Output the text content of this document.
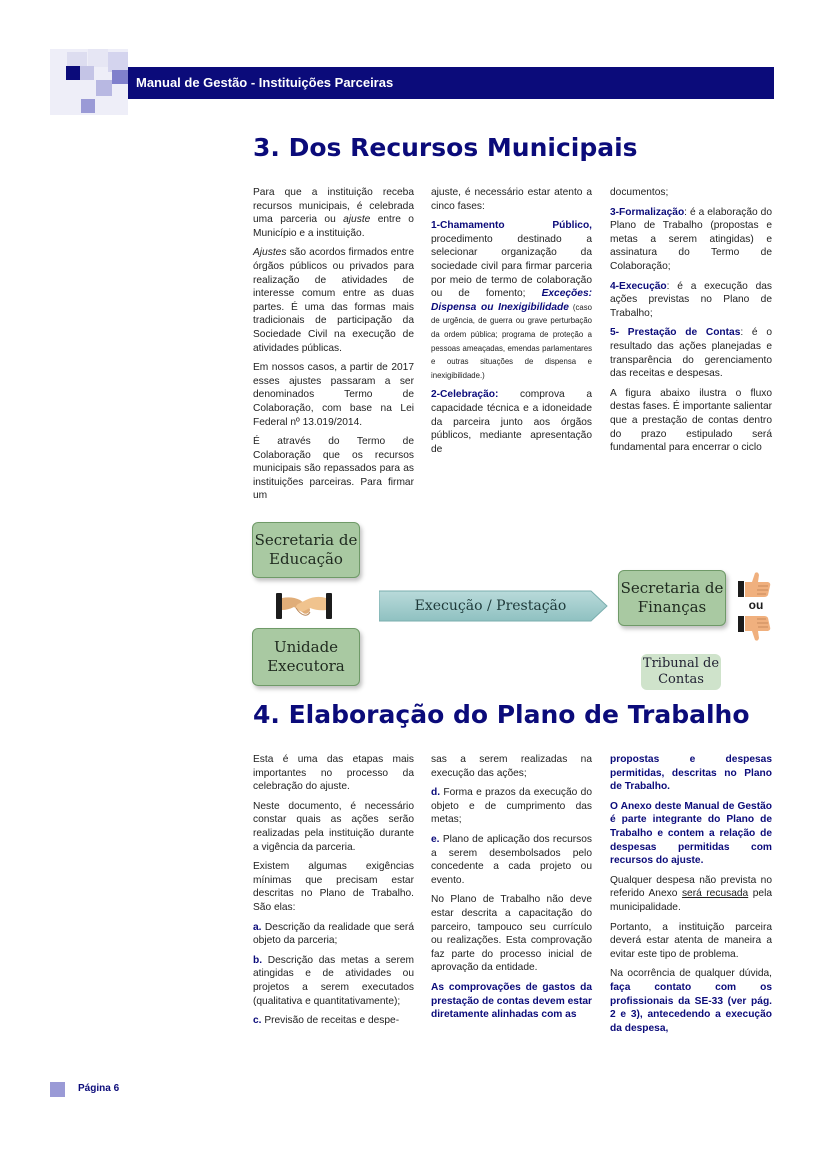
Manual de Gestão - Instituições Parceiras
3. Dos Recursos Municipais

Para que a instituição receba recursos municipais, é celebrada uma parceria ou ajuste entre o Município e a instituição.

Ajustes são acordos firmados entre órgãos públicos ou privados para realização de atividades de interesse comum entre as duas partes. É uma das formas mais tradicionais de participação da Sociedade Civil na execução de atividades públicas.

Em nossos casos, a partir de 2017 esses ajustes passaram a ser denominados Termo de Colaboração, com base na Lei Federal nº 13.019/2014.

É através do Termo de Colaboração que os recursos municipais são repassados para as instituições parceiras. Para firmar um

ajuste, é necessário estar atento a cinco fases:

1-Chamamento Público, procedimento destinado a selecionar organização da sociedade civil para firmar parceria por meio de termo de colaboração ou de fomento; Exceções: Dispensa ou Inexigibilidade (caso de urgência, de guerra ou grave perturbação da ordem pública; programa de proteção a pessoas ameaçadas, emendas parlamentares e outras situações de dispensa e inexigibilidade.)

2-Celebração: comprova a capacidade técnica e a idoneidade da parceira junto aos órgãos públicos, mediante apresentação de

documentos;

3-Formalização: é a elaboração do Plano de Trabalho (propostas e metas a serem atingidas) e assinatura do Termo de Colaboração;

4-Execução: é a execução das ações previstas no Plano de Trabalho;

5- Prestação de Contas: é o resultado das ações planejadas e transparência do gerenciamento das receitas e despesas.

A figura abaixo ilustra o fluxo destas fases. É importante salientar que a prestação de contas dentro do prazo estipulado será fundamental para encerrar o ciclo

Secretaria de Educação
Unidade Executora
Execução / Prestação
Secretaria de Finanças	ou
Tribunal de Contas
4. Elaboração do Plano de Trabalho

Esta é uma das etapas mais importantes no processo da celebração do ajuste.

Neste documento, é necessário constar quais as ações serão realizadas pela instituição durante a vigência da parceria.

Existem algumas exigências mínimas que precisam estar descritas no Plano de Trabalho. São elas:

a. Descrição da realidade que será objeto da parceria;

b. Descrição das metas a serem atingidas e de atividades ou projetos a serem executados (qualitativa e quantitativamente);

c. Previsão de receitas e despe-

sas a serem realizadas na execução das ações;

d. Forma e prazos da execução do objeto e de cumprimento das metas;

e. Plano de aplicação dos recursos a serem desembolsados pelo concedente a cada projeto ou evento.

No Plano de Trabalho não deve estar descrita a capacitação do parceiro, tampouco seu currículo ou realizações. Esta comprovação faz parte do processo inicial de aprovação da entidade.

As comprovações de gastos da prestação de contas devem estar diretamente alinhadas com as

propostas e despesas permitidas, descritas no Plano de Trabalho.

O Anexo deste Manual de Gestão é parte integrante do Plano de Trabalho e contem a relação de despesas permitidas com recursos do ajuste.

Qualquer despesa não prevista no referido Anexo será recusada pela municipalidade.

Portanto, a instituição parceira deverá estar atenta de maneira a evitar este tipo de problema.

Na ocorrência de qualquer dúvida, faça contato com os profissionais da SE-33 (ver pág. 2 e 3), antecedendo a execução da despesa,

Página 6
